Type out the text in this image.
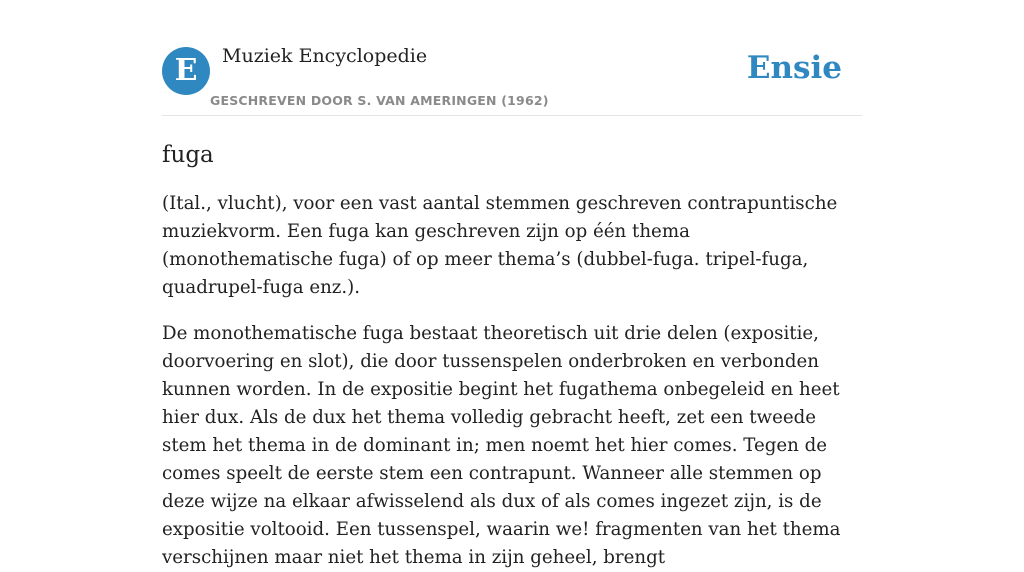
E	Muziek Encyclopedie
GESCHREVEN DOOR S. VAN AMERINGEN (1962)
Ensie
fuga

(Ital., vlucht), voor een vast aantal stemmen geschreven contrapuntische muziekvorm. Een fuga kan geschreven zijn op één thema (monothematische fuga) of op meer thema’s (dubbel-fuga. tripel-fuga, quadrupel-fuga enz.).

De monothematische fuga bestaat theoretisch uit drie delen (expositie, doorvoering en slot), die door tussenspelen onderbroken en verbonden kunnen worden. In de expositie begint het fugathema onbegeleid en heet hier dux. Als de dux het thema volledig gebracht heeft, zet een tweede stem het thema in de dominant in; men noemt het hier comes. Tegen de comes speelt de eerste stem een contrapunt. Wanneer alle stemmen op deze wijze na elkaar afwisselend als dux of als comes ingezet zijn, is de expositie voltooid. Een tussenspel, waarin we! fragmenten van het thema verschijnen maar niet het thema in zijn geheel, brengt
